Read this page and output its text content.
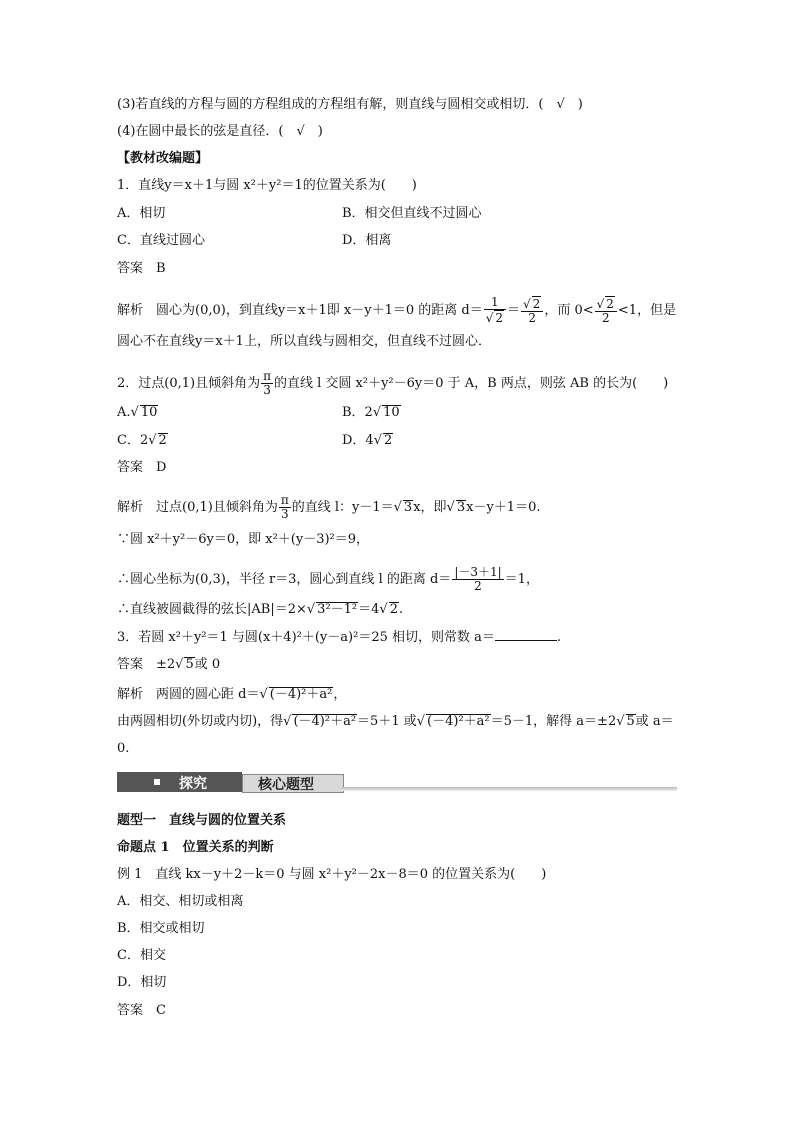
(3)若直线的方程与圆的方程组成的方程组有解，则直线与圆相交或相切．(　√　)
(4)在圆中最长的弦是直径．(　√　)
【教材改编题】
1．直线y＝x＋1与圆 x²＋y²＝1的位置关系为(　　)
A．相切	B．相交但直线不过圆心
C．直线过圆心	D．相离
答案　B
解析　圆心为(0,0)，到直线y＝x＋1即 x－y＋1＝0 的距离 $d= \frac{1}{√ 2} = \frac{√ 2}{2}$ ，而 $0< \frac{√ 2}{2} <1$，但是
圆心不在直线y＝x＋1上，所以直线与圆相交，但直线不过圆心．
2．过点(0,1)且倾斜角为 $\frac{\pi}{3}$ 的直线 l 交圆 x²＋y²－6y＝0 于 A，B 两点，则弦 AB 的长为(　　)
A.√ 10	B．2√ 10
C．2√ 2	D．4√ 2
答案　D
解析　过点(0,1)且倾斜角为 $\frac{\pi}{3}$ 的直线 l：y－1＝√ 3x，即√ 3x－y＋1＝0.
∵圆 x²＋y²－6y＝0，即 x²＋(y－3)²＝9，
∴圆心坐标为(0,3)，半径 r＝3，圆心到直线 l 的距离 $d= \frac{|-3+1|}{2} =1$，
∴直线被圆截得的弦长|AB|＝2×√ 3²－1²＝4√ 2.
3．若圆 x²＋y²＝1 与圆(x＋4)²＋(y－a)²＝25 相切，则常数 a＝	.
答案　±2√ 5或 0
解析　两圆的圆心距 d＝√ (－4)²＋a²，
由两圆相切(外切或内切)，得√ (－4)²＋a²＝5＋1 或√ (－4)²＋a²＝5－1，解得 a＝±2√ 5或 a＝
0.
探究	核心题型
题型一　直线与圆的位置关系
命题点 1　位置关系的判断
例 1　直线 kx－y＋2－k＝0 与圆 x²＋y²－2x－8＝0 的位置关系为(　　)
A．相交、相切或相离
B．相交或相切
C．相交
D．相切
答案　C
